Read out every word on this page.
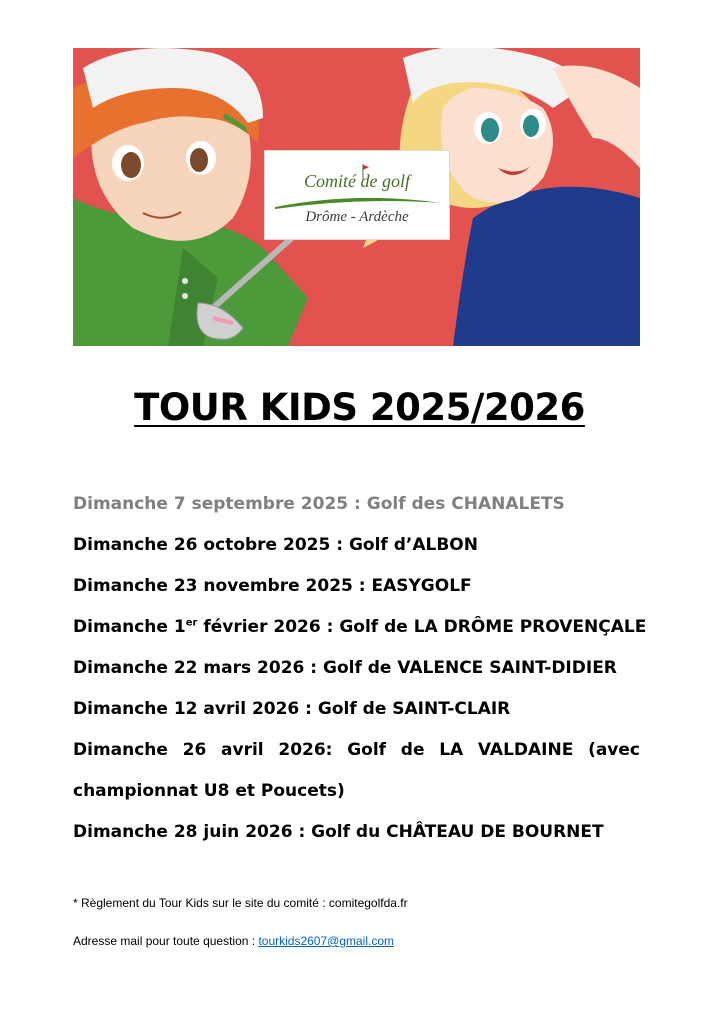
Comité de golf
Drôme - Ardèche
TOUR KIDS 2025/2026
Dimanche 7 septembre 2025 : Golf des CHANALETS
Dimanche 26 octobre 2025 : Golf d’ALBON
Dimanche 23 novembre 2025 : EASYGOLF
Dimanche 1er février 2026 : Golf de LA DRÔME PROVENÇALE
Dimanche 22 mars 2026 : Golf de VALENCE SAINT-DIDIER
Dimanche 12 avril 2026 : Golf de SAINT-CLAIR
Dimanche 26 avril 2026: Golf de LA VALDAINE (avec
championnat U8 et Poucets)
Dimanche 28 juin 2026 : Golf du CHÂTEAU DE BOURNET
* Règlement du Tour Kids sur le site du comité : comitegolfda.fr
Adresse mail pour toute question : tourkids2607@gmail.com
